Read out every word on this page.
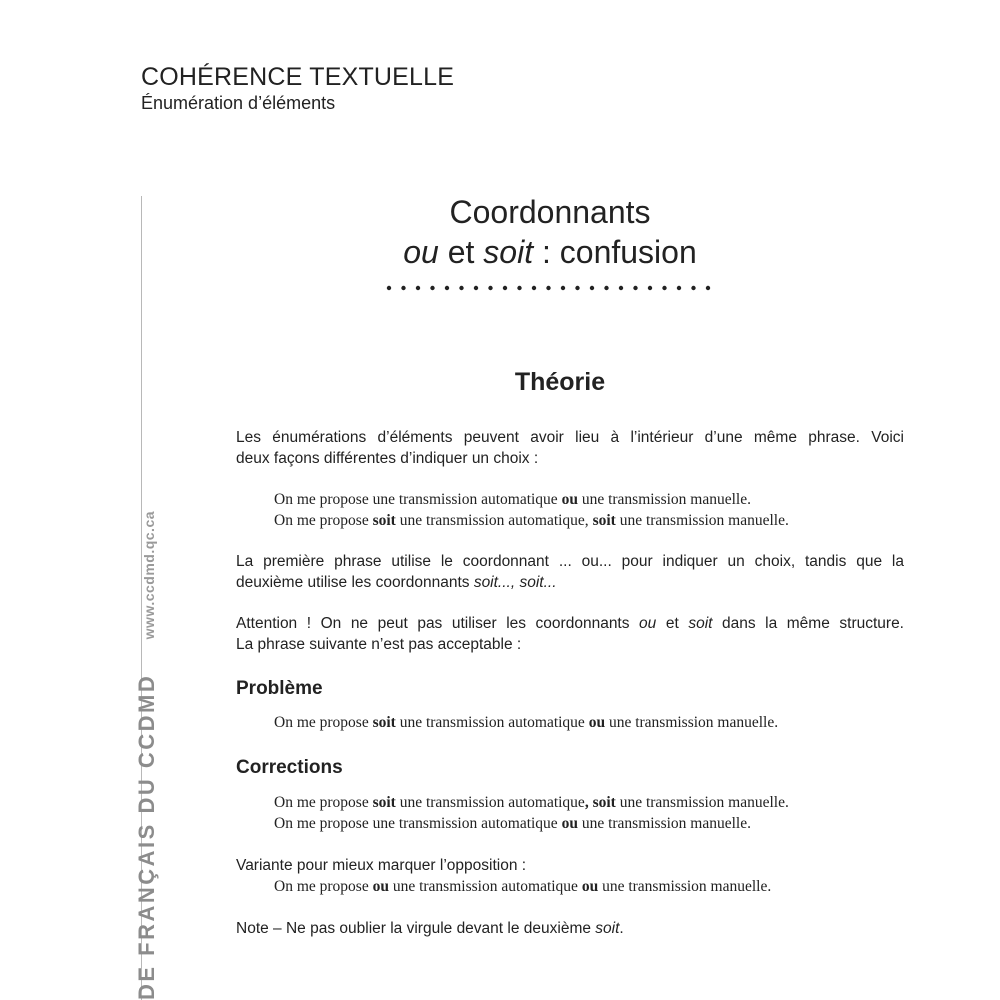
COHÉRENCE TEXTUELLE
Énumération d’éléments
DE FRANÇAIS DU CCDMD www.ccdmd.qc.ca
Coordonnants
ou et soit : confusion
Théorie
Les énumérations d’éléments peuvent avoir lieu à l’intérieur d’une même phrase. Voici
deux façons différentes d’indiquer un choix :
On me propose une transmission automatique ou une transmission manuelle.
On me propose soit une transmission automatique, soit une transmission manuelle.
La première phrase utilise le coordonnant ... ou... pour indiquer un choix, tandis que la
deuxième utilise les coordonnants soit..., soit...
Attention ! On ne peut pas utiliser les coordonnants ou et soit dans la même structure.
La phrase suivante n’est pas acceptable :
Problème
On me propose soit une transmission automatique ou une transmission manuelle.
Corrections
On me propose soit une transmission automatique, soit une transmission manuelle.
On me propose une transmission automatique ou une transmission manuelle.
Variante pour mieux marquer l’opposition :
On me propose ou une transmission automatique ou une transmission manuelle.
Note – Ne pas oublier la virgule devant le deuxième soit.
